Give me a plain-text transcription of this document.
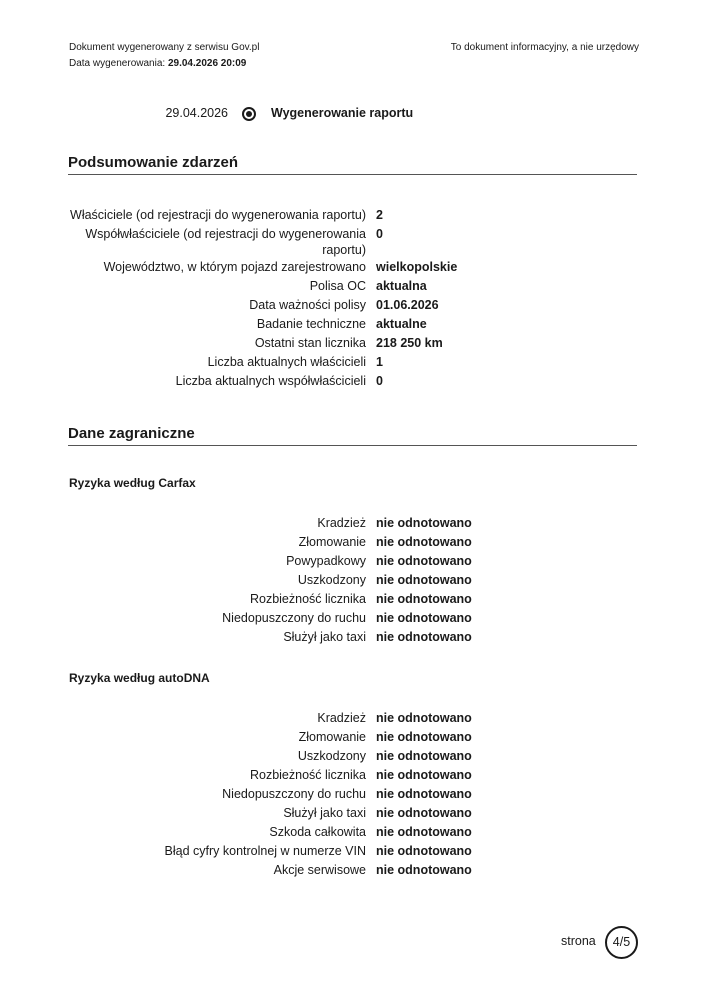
Dokument wygenerowany z serwisu Gov.pl
Data wygenerowania: 29.04.2026 20:09
To dokument informacyjny, a nie urzędowy
29.04.2026	Wygenerowanie raportu
Podsumowanie zdarzeń
Właściciele (od rejestracji do wygenerowania raportu) 2
Współwłaściciele (od rejestracji do wygenerowania raportu)
0
Województwo, w którym pojazd zarejestrowano wielkopolskie
Polisa OC aktualna
Data ważności polisy 01.06.2026
Badanie techniczne aktualne
Ostatni stan licznika 218 250 km
Liczba aktualnych właścicieli 1
Liczba aktualnych współwłaścicieli 0
Dane zagraniczne
Ryzyka według Carfax
Kradzież nie odnotowano
Złomowanie nie odnotowano
Powypadkowy nie odnotowano
Uszkodzony nie odnotowano
Rozbieżność licznika nie odnotowano
Niedopuszczony do ruchu nie odnotowano
Służył jako taxi nie odnotowano
Ryzyka według autoDNA
Kradzież nie odnotowano
Złomowanie nie odnotowano
Uszkodzony nie odnotowano
Rozbieżność licznika nie odnotowano
Niedopuszczony do ruchu nie odnotowano
Służył jako taxi nie odnotowano
Szkoda całkowita nie odnotowano
Błąd cyfry kontrolnej w numerze VIN nie odnotowano
Akcje serwisowe nie odnotowano
strona	4/5
